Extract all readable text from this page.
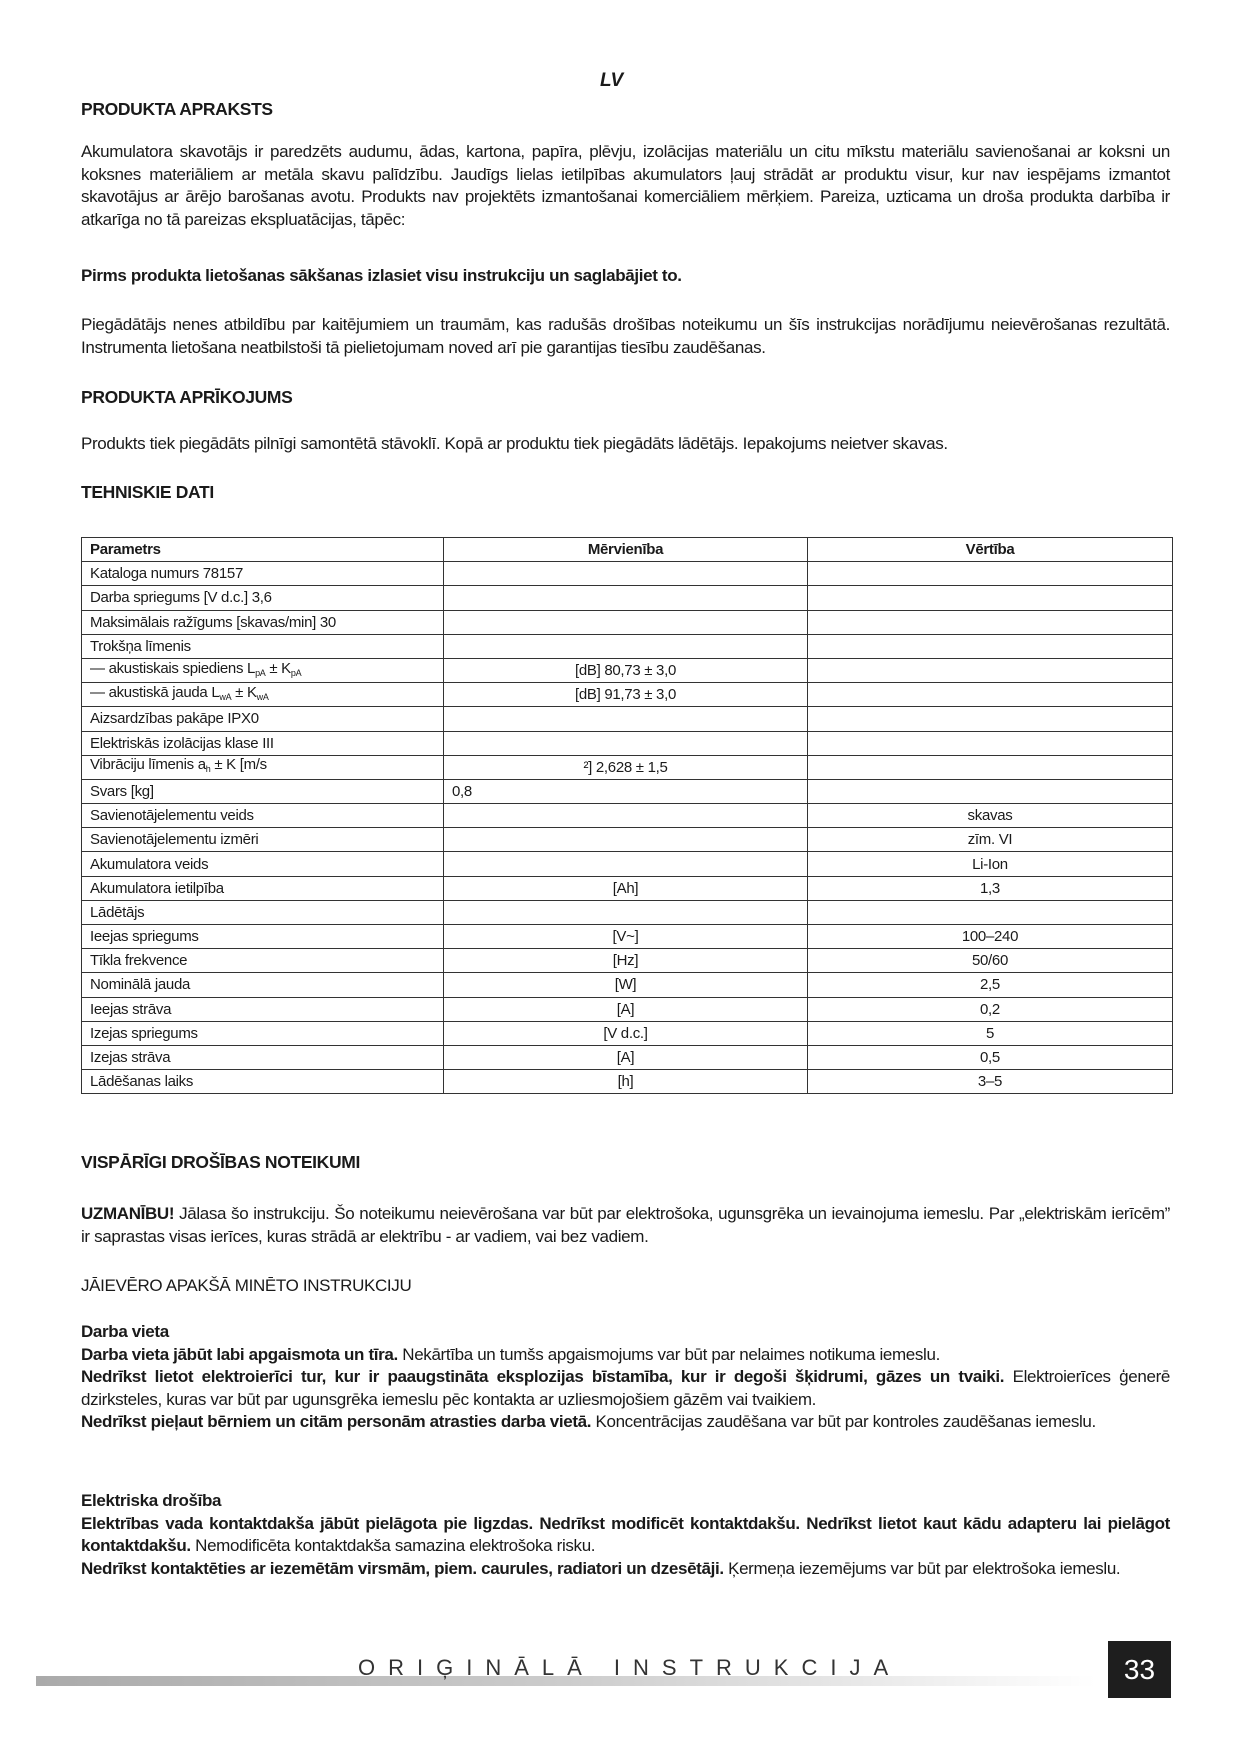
LV
PRODUKTA APRAKSTS
Akumulatora skavotājs ir paredzēts audumu, ādas, kartona, papīra, plēvju, izolācijas materiālu un citu mīkstu materiālu savienošanai ar koksni un koksnes materiāliem ar metāla skavu palīdzību. Jaudīgs lielas ietilpības akumulators ļauj strādāt ar produktu visur, kur nav iespējams izmantot skavotājus ar ārējo barošanas avotu. Produkts nav projektēts izmantošanai komerciāliem mērķiem. Pareiza, uzticama un droša produkta darbība ir atkarīga no tā pareizas ekspluatācijas, tāpēc:
Pirms produkta lietošanas sākšanas izlasiet visu instrukciju un saglabājiet to.
Piegādātājs nenes atbildību par kaitējumiem un traumām, kas radušās drošības noteikumu un šīs instrukcijas norādījumu neievērošanas rezultātā. Instrumenta lietošana neatbilstoši tā pielietojumam noved arī pie garantijas tiesību zaudēšanas.
PRODUKTA APRĪKOJUMS
Produkts tiek piegādāts pilnīgi samontētā stāvoklī. Kopā ar produktu tiek piegādāts lādētājs. Iepakojums neietver skavas.
TEHNISKIE DATI
Parametrs	Mērvienība	Vērtība
Kataloga numurs 78157		
Darba spriegums [V d.c.] 3,6		
Maksimālais ražīgums [skavas/min] 30		
Trokšņa līmenis		
— akustiskais spiediens $L_{pA} \pm K_{pA}$	[dB] 80,73 ± 3,0	
— akustiskā jauda $L_{wA} \pm K_{wA}$	[dB] 91,73 ± 3,0	
Aizsardzības pakāpe IPX0		
Elektriskās izolācijas klase III		
Vibrāciju līmenis $a_h \pm K$ [m/s	²] 2,628 ± 1,5	
Svars [kg]	0,8	
Savienotājelementu veids		skavas
Savienotājelementu izmēri		zīm. VI
Akumulatora veids		Li-Ion
Akumulatora ietilpība	[Ah]	1,3
Lādētājs		
Ieejas spriegums	[V~]	100–240
Tīkla frekvence	[Hz]	50/60
Nominālā jauda	[W]	2,5
Ieejas strāva	[A]	0,2
Izejas spriegums	[V d.c.]	5
Izejas strāva	[A]	0,5
Lādēšanas laiks	[h]	3–5
VISPĀRĪGI DROŠĪBAS NOTEIKUMI
UZMANĪBU! Jālasa šo instrukciju. Šo noteikumu neievērošana var būt par elektrošoka, ugunsgrēka un ievainojuma iemeslu. Par „elektriskām ierīcēm” ir saprastas visas ierīces, kuras strādā ar elektrību - ar vadiem, vai bez vadiem.
JĀIEVĒRO APAKŠĀ MINĒTO INSTRUKCIJU
Darba vieta
Darba vieta jābūt labi apgaismota un tīra. Nekārtība un tumšs apgaismojums var būt par nelaimes notikuma iemeslu.
Nedrīkst lietot elektroierīci tur, kur ir paaugstināta eksplozijas bīstamība, kur ir degoši šķidrumi, gāzes un tvaiki. Elektroierīces ģenerē dzirksteles, kuras var būt par ugunsgrēka iemeslu pēc kontakta ar uzliesmojošiem gāzēm vai tvaikiem.
Nedrīkst pieļaut bērniem un citām personām atrasties darba vietā. Koncentrācijas zaudēšana var būt par kontroles zaudēšanas iemeslu.
Elektriska drošība
Elektrības vada kontaktdakša jābūt pielāgota pie ligzdas. Nedrīkst modificēt kontaktdakšu. Nedrīkst lietot kaut kādu adapteru lai pielāgot kontaktdakšu. Nemodificēta kontaktdakša samazina elektrošoka risku.
Nedrīkst kontaktēties ar iezemētām virsmām, piem. caurules, radiatori un dzesētāji. Ķermeņa iezemējums var būt par elektrošoka iemeslu.
ORIĢINĀLĀ INSTRUKCIJA	33
